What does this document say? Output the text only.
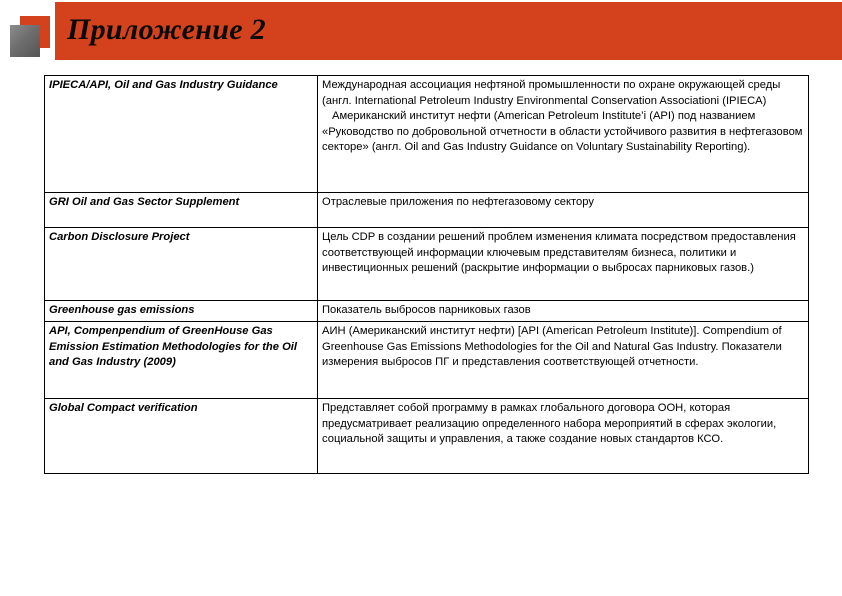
Приложение 2
IPIECA/API, Oil and Gas Industry Guidance	Международная ассоциация нефтяной промышленности по охране окружающей среды (англ. International Petroleum Industry Environmental Conservation Associationi (IPIECA)

Американский институт нефти (American Petroleum Institute’i (API) под названием «Руководство по добровольной отчетности в области устойчивого развития в нефтегазовом секторе» (англ. Oil and Gas Industry Guidance on Voluntary Sustainability Reporting).

GRI Oil and Gas Sector Supplement	Отраслевые приложения по нефтегазовому сектору

Carbon Disclosure Project	Цель CDP в создании решений проблем изменения климата посредством предоставления соответствующей информации ключевым представителям бизнеса, политики и инвестиционных решений (раскрытие информации о выбросах парниковых газов.)

Greenhouse gas emissions	Показатель выбросов парниковых газов

API, Compenpendium of GreenHouse Gas Emission Estimation Methodologies for the Oil and Gas Industry (2009)	АИН (Американский институт нефти) [API (American Petroleum Institute)]. Compendium of Greenhouse Gas Emissions Methodologies for the Oil and Natural Gas Industry. Показатели измерения выбросов ПГ и представления соответствующей отчетности.

Global Compact verification	Представляет собой программу в рамках глобального договора ООН, которая предусматривает реализацию определенного набора мероприятий в сферах экологии, социальной защиты и управления, а также создание новых стандартов КСО.
